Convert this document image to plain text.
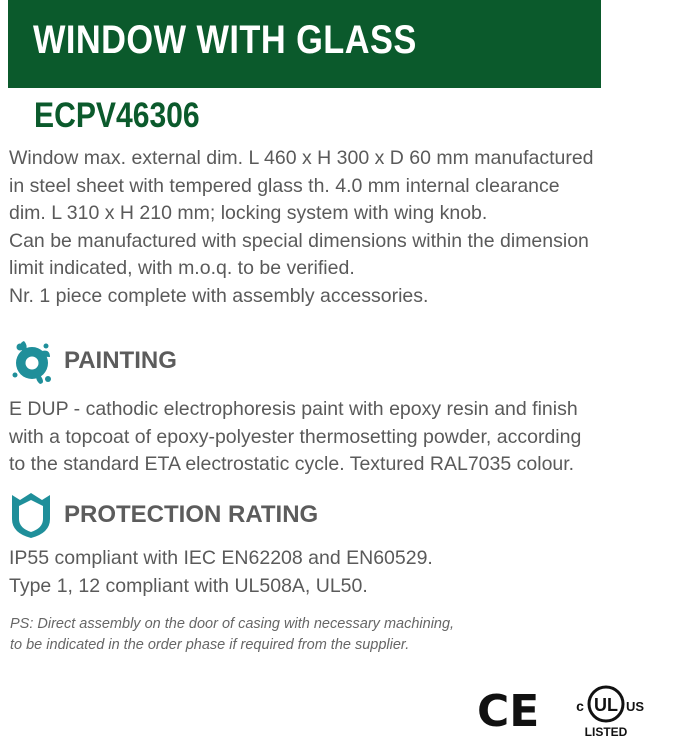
WINDOW WITH GLASS
ECPV46306
Window max. external dim. L 460 x H 300 x D 60 mm manufactured
in steel sheet with tempered glass th. 4.0 mm internal clearance
dim. L 310 x H 210 mm; locking system with wing knob.
Can be manufactured with special dimensions within the dimension
limit indicated, with m.o.q. to be verified.
Nr. 1 piece complete with assembly accessories.
PAINTING
E DUP - cathodic electrophoresis paint with epoxy resin and finish
with a topcoat of epoxy-polyester thermosetting powder, according
to the standard ETA electrostatic cycle. Textured RAL7035 colour.
PROTECTION RATING
IP55 compliant with IEC EN62208 and EN60529.
Type 1, 12 compliant with UL508A, UL50.
PS: Direct assembly on the door of casing with necessary machining,
to be indicated in the order phase if required from the supplier.
CE	UL
c	US
LISTED
